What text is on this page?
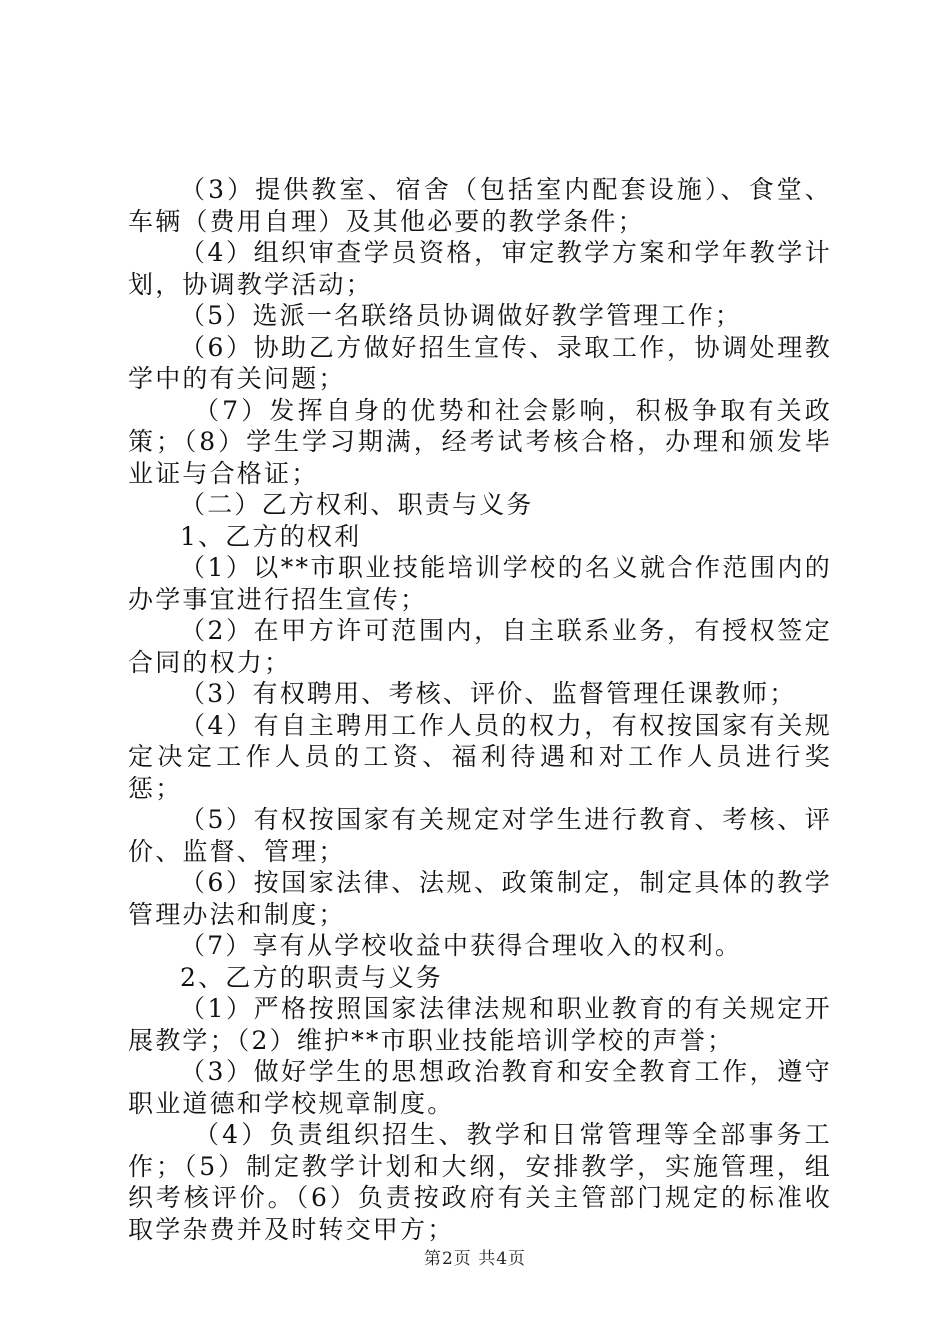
（3）提供教室、宿舍（包括室内配套设施）、食堂、车辆（费用自理）及其他必要的教学条件；

（4）组织审查学员资格，审定教学方案和学年教学计划，协调教学活动；

（5）选派一名联络员协调做好教学管理工作；

（6）协助乙方做好招生宣传、录取工作，协调处理教学中的有关问题；

（7）发挥自身的优势和社会影响，积极争取有关政策；（8）学生学习期满，经考试考核合格，办理和颁发毕业证与合格证；

（二）乙方权利、职责与义务

1、乙方的权利

（1）以**市职业技能培训学校的名义就合作范围内的办学事宜进行招生宣传；

（2）在甲方许可范围内，自主联系业务，有授权签定合同的权力；

（3）有权聘用、考核、评价、监督管理任课教师；

（4）有自主聘用工作人员的权力，有权按国家有关规定决定工作人员的工资、福利待遇和对工作人员进行奖惩；

（5）有权按国家有关规定对学生进行教育、考核、评价、监督、管理；

（6）按国家法律、法规、政策制定，制定具体的教学管理办法和制度；

（7）享有从学校收益中获得合理收入的权利。

2、乙方的职责与义务

（1）严格按照国家法律法规和职业教育的有关规定开展教学；（2）维护**市职业技能培训学校的声誉；

（3）做好学生的思想政治教育和安全教育工作，遵守职业道德和学校规章制度。

（4）负责组织招生、教学和日常管理等全部事务工作；（5）制定教学计划和大纲，安排教学，实施管理，组织考核评价。（6）负责按政府有关主管部门规定的标准收取学杂费并及时转交甲方；

第2页 共4页
